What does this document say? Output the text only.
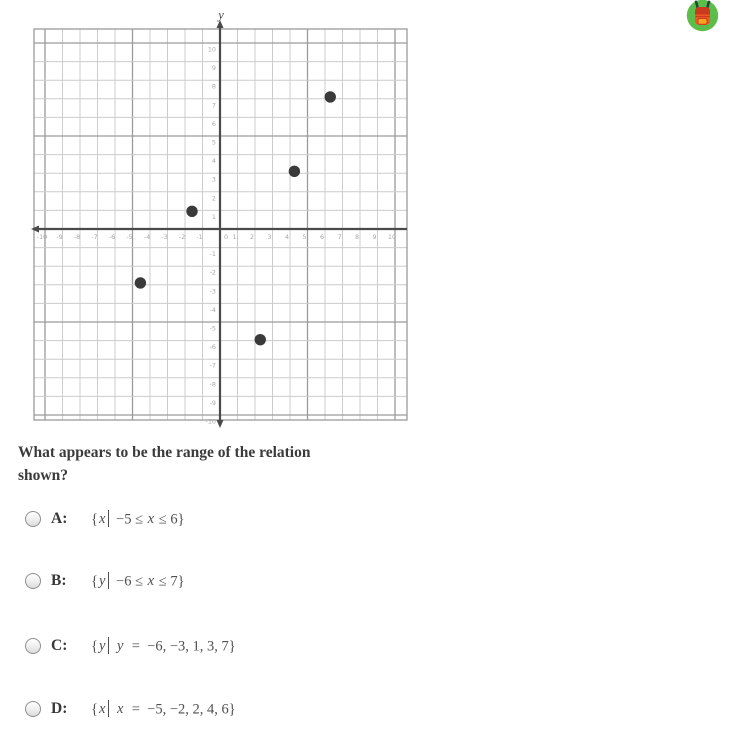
y
-10 -9 -8 -7 -6 -5 -4 -3 -2 -1	0 1 2 3 4 5 6 7 8 9 10
-10
-9
-8
-7
-6
-5
-4
-3
-2
-1
1
2
3
4
5
6
7
8
9
10
What appears to be the range of the relation shown?
A:	{x −5 ≤ x ≤ 6}
B:	{y −6 ≤ x ≤ 7}
C:	{y y  =  −6, −3, 1, 3, 7}
D:	{x x  =  −5, −2, 2, 4, 6}
